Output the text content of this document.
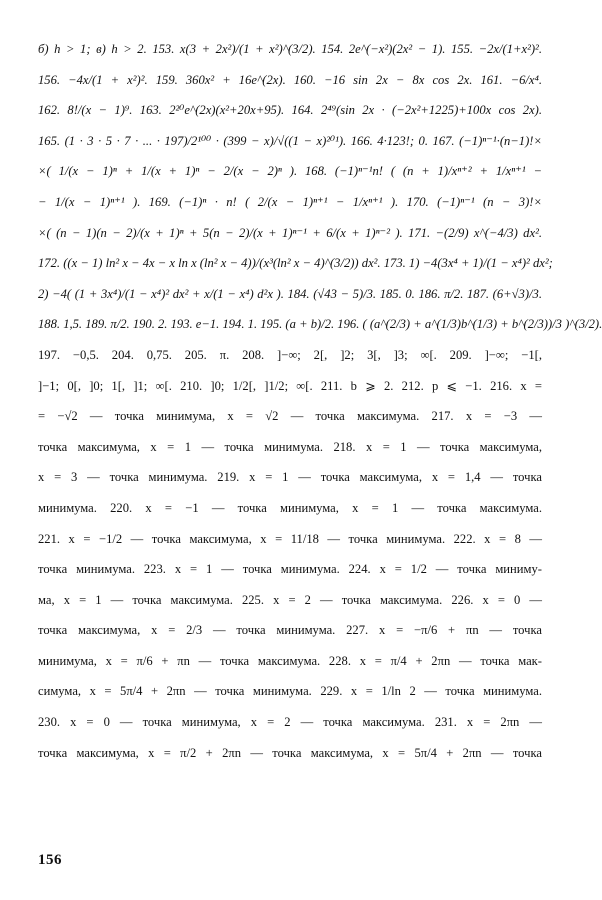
б) h > 1; в) h > 2. 153. x(3 + 2x²)/(1 + x²)^(3/2). 154. 2e^(−x²)(2x² − 1). 155. −2x/(1+x²)².
156. −4x/(1 + x²)². 159. 360x² + 16e^(2x). 160. −16 sin 2x − 8x cos 2x. 161. −6/x⁴.
162. 8!/(x − 1)⁹. 163. 2²⁰e^(2x)(x²+20x+95). 164. 2⁴⁹(sin 2x · (−2x²+1225)+100x cos 2x).
165. (1 · 3 · 5 · 7 · ... · 197)/2¹⁰⁰ · (399 − x)/√((1 − x)²⁰¹). 166. 4·123!; 0. 167. (−1)ⁿ⁻¹·(n−1)!×
×( 1/(x − 1)ⁿ + 1/(x + 1)ⁿ − 2/(x − 2)ⁿ ). 168. (−1)ⁿ⁻¹n! ( (n + 1)/xⁿ⁺² + 1/xⁿ⁺¹ −
− 1/(x − 1)ⁿ⁺¹ ). 169. (−1)ⁿ · n! ( 2/(x − 1)ⁿ⁺¹ − 1/xⁿ⁺¹ ). 170. (−1)ⁿ⁻¹ (n − 3)!×
×( (n − 1)(n − 2)/(x + 1)ⁿ + 5(n − 2)/(x + 1)ⁿ⁻¹ + 6/(x + 1)ⁿ⁻² ). 171. −(2/9) x^(−4/3) dx².
172. ((x − 1) ln² x − 4x − x ln x (ln² x − 4))/(x³(ln² x − 4)^(3/2)) dx². 173. 1) −4(3x⁴ + 1)/(1 − x⁴)² dx²;
2) −4( (1 + 3x⁴)/(1 − x⁴)² dx² + x/(1 − x⁴) d²x ). 184. (√43 − 5)/3. 185. 0. 186. π/2. 187. (6+√3)/3.
188. 1,5. 189. π/2. 190. 2. 193. e−1. 194. 1. 195. (a + b)/2. 196. ( (a^(2/3) + a^(1/3)b^(1/3) + b^(2/3))/3 )^(3/2).
197. −0,5. 204. 0,75. 205. π. 208. ]−∞; 2[, ]2; 3[, ]3; ∞[. 209. ]−∞; −1[,
]−1; 0[, ]0; 1[, ]1; ∞[. 210. ]0; 1/2[, ]1/2; ∞[. 211. b ⩾ 2. 212. p ⩽ −1. 216. x =
= −√2 — точка минимума, x = √2 — точка максимума. 217. x = −3 —
точка максимума, x = 1 — точка минимума. 218. x = 1 — точка максимума,
x = 3 — точка минимума. 219. x = 1 — точка максимума, x = 1,4 — точка
минимума. 220. x = −1 — точка минимума, x = 1 — точка максимума.
221. x = −1/2 — точка максимума, x = 11/18 — точка минимума. 222. x = 8 —
точка минимума. 223. x = 1 — точка минимума. 224. x = 1/2 — точка миниму-
ма, x = 1 — точка максимума. 225. x = 2 — точка максимума. 226. x = 0 —
точка максимума, x = 2/3 — точка минимума. 227. x = −π/6 + πn — точка
минимума, x = π/6 + πn — точка максимума. 228. x = π/4 + 2πn — точка мак-
симума, x = 5π/4 + 2πn — точка минимума. 229. x = 1/ln 2 — точка минимума.
230. x = 0 — точка минимума, x = 2 — точка максимума. 231. x = 2πn —
точка максимума, x = π/2 + 2πn — точка максимума, x = 5π/4 + 2πn — точка
156
